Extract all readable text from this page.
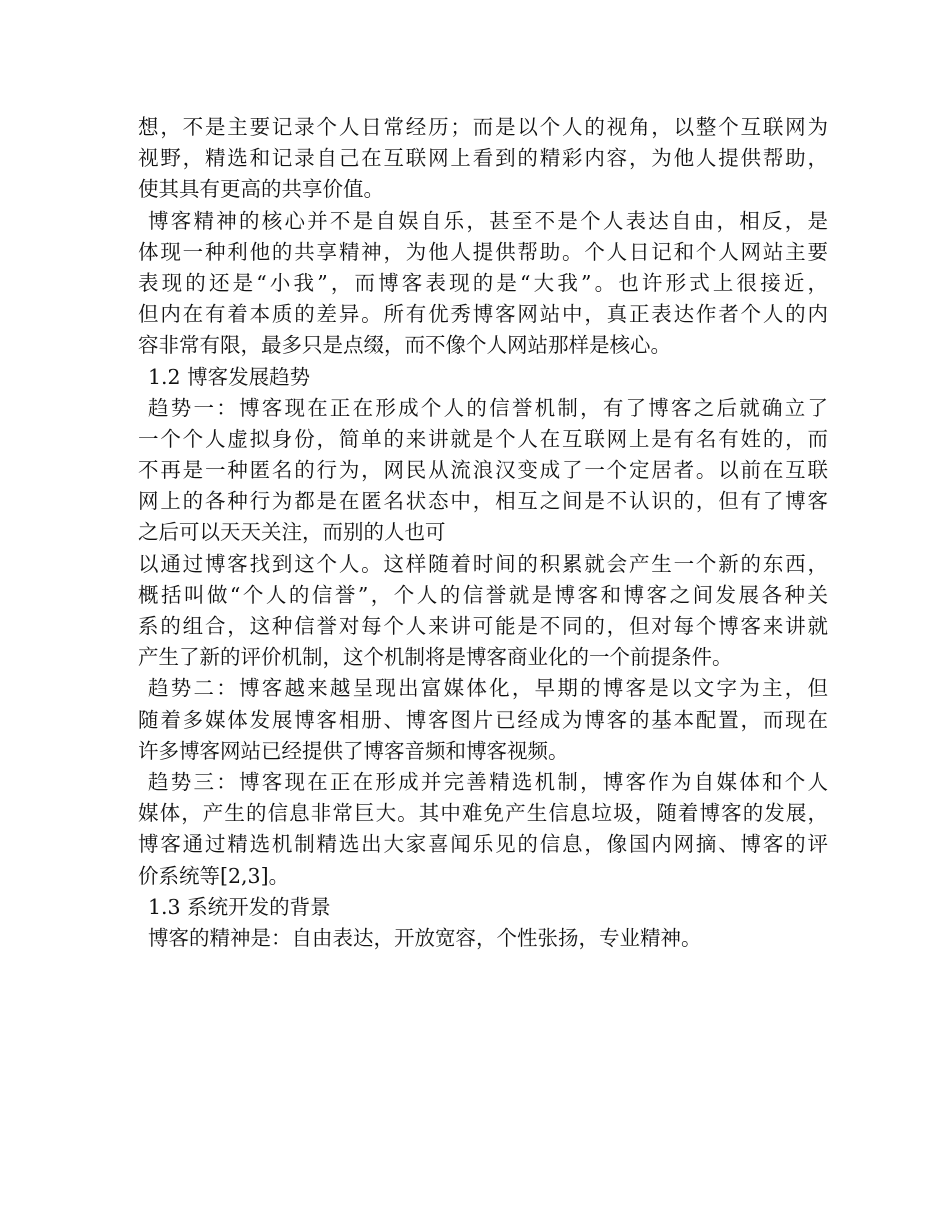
想，不是主要记录个人日常经历；而是以个人的视角，以整个互联网为
视野，精选和记录自己在互联网上看到的精彩内容，为他人提供帮助，
使其具有更高的共享价值。
博客精神的核心并不是自娱自乐，甚至不是个人表达自由，相反，是
体现一种利他的共享精神，为他人提供帮助。个人日记和个人网站主要
表现的还是“小我”，而博客表现的是“大我”。也许形式上很接近，
但内在有着本质的差异。所有优秀博客网站中，真正表达作者个人的内
容非常有限，最多只是点缀，而不像个人网站那样是核心。
1.2 博客发展趋势
趋势一：博客现在正在形成个人的信誉机制，有了博客之后就确立了
一个个人虚拟身份，简单的来讲就是个人在互联网上是有名有姓的，而
不再是一种匿名的行为，网民从流浪汉变成了一个定居者。以前在互联
网上的各种行为都是在匿名状态中，相互之间是不认识的，但有了博客
之后可以天天关注，而别的人也可
以通过博客找到这个人。这样随着时间的积累就会产生一个新的东西，
概括叫做“个人的信誉”，个人的信誉就是博客和博客之间发展各种关
系的组合，这种信誉对每个人来讲可能是不同的，但对每个博客来讲就
产生了新的评价机制，这个机制将是博客商业化的一个前提条件。
趋势二：博客越来越呈现出富媒体化，早期的博客是以文字为主，但
随着多媒体发展博客相册、博客图片已经成为博客的基本配置，而现在
许多博客网站已经提供了博客音频和博客视频。
趋势三：博客现在正在形成并完善精选机制，博客作为自媒体和个人
媒体，产生的信息非常巨大。其中难免产生信息垃圾，随着博客的发展，
博客通过精选机制精选出大家喜闻乐见的信息，像国内网摘、博客的评
价系统等[2,3]。
1.3 系统开发的背景
博客的精神是：自由表达，开放宽容，个性张扬，专业精神。
